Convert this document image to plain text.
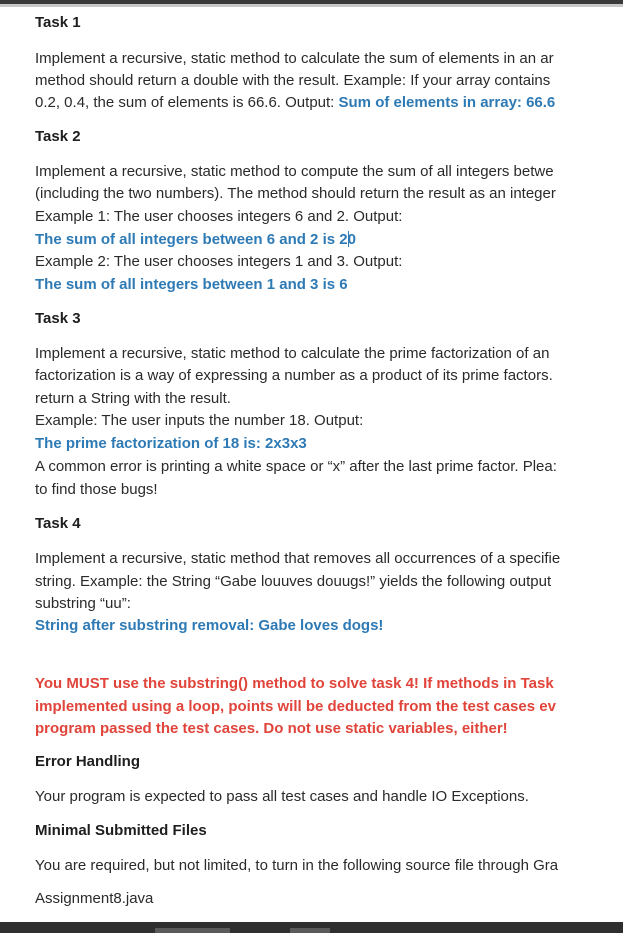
Task 1
Implement a recursive, static method to calculate the sum of elements in an ar
method should return a double with the result. Example: If your array contains
0.2, 0.4, the sum of elements is 66.6. Output: Sum of elements in array: 66.6
Task 2
Implement a recursive, static method to compute the sum of all integers betwe
(including the two numbers). The method should return the result as an integer
Example 1: The user chooses integers 6 and 2. Output:
The sum of all integers between 6 and 2 is 20
Example 2: The user chooses integers 1 and 3. Output:
The sum of all integers between 1 and 3 is 6
Task 3
Implement a recursive, static method to calculate the prime factorization of an
factorization is a way of expressing a number as a product of its prime factors.
return a String with the result.
Example: The user inputs the number 18. Output:
The prime factorization of 18 is: 2x3x3
A common error is printing a white space or “x” after the last prime factor. Plea:
to find those bugs!
Task 4
Implement a recursive, static method that removes all occurrences of a specifie
string. Example: the String “Gabe louuves douugs!” yields the following output
substring “uu”:
String after substring removal: Gabe loves dogs!
You MUST use the substring() method to solve task 4! If methods in Task
implemented using a loop, points will be deducted from the test cases ev
program passed the test cases. Do not use static variables, either!
Error Handling
Your program is expected to pass all test cases and handle IO Exceptions.
Minimal Submitted Files
You are required, but not limited, to turn in the following source file through Gra
Assignment8.java
